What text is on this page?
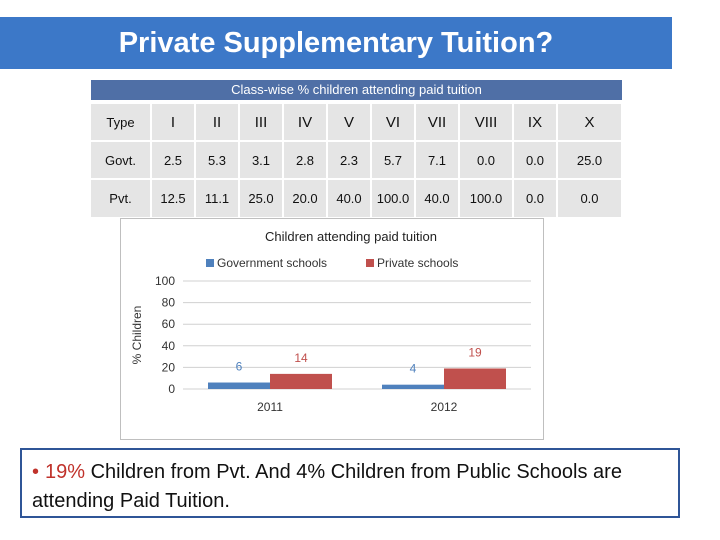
Private Supplementary Tuition?
Class-wise % children attending paid tuition
Type	I	II	III	IV	V	VI	VII	VIII	IX	X
Govt.	2.5	5.3	3.1	2.8	2.3	5.7	7.1	0.0	0.0	25.0
Pvt.	12.5	11.1	25.0	20.0	40.0	100.0	40.0	100.0	0.0	0.0
Children attending paid tuition
Government schools	Private schools
0
20
40
60
80
100
% Children
6
14
2011
4
19
2012
• 19% Children from Pvt. And 4% Children from Public Schools are attending Paid Tuition.
